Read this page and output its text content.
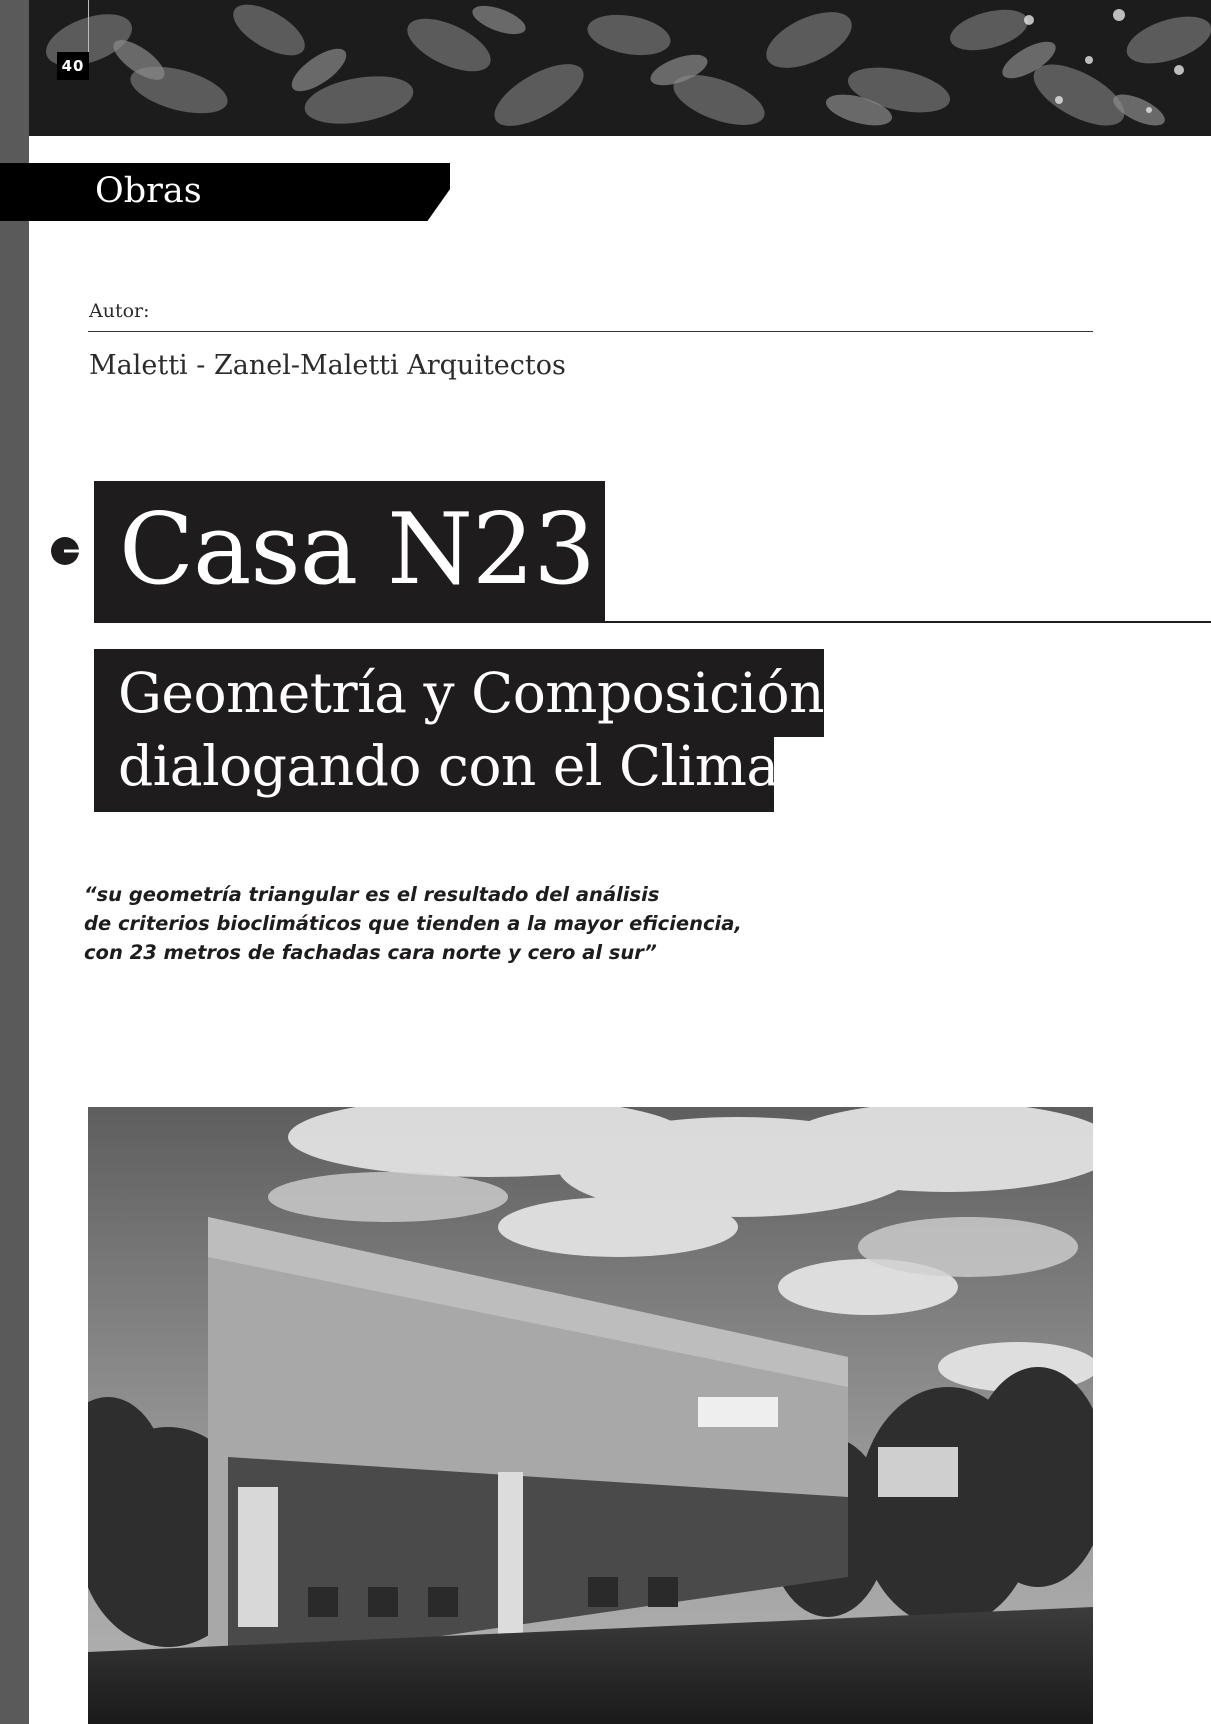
40
Obras
Autor:
Maletti - Zanel-Maletti Arquitectos
Casa N23
Geometría y Composición
dialogando con el Clima
“su geometría triangular es el resultado del análisis
de criterios bioclimáticos que tienden a la mayor eficiencia,
con 23 metros de fachadas cara norte y cero al sur”
